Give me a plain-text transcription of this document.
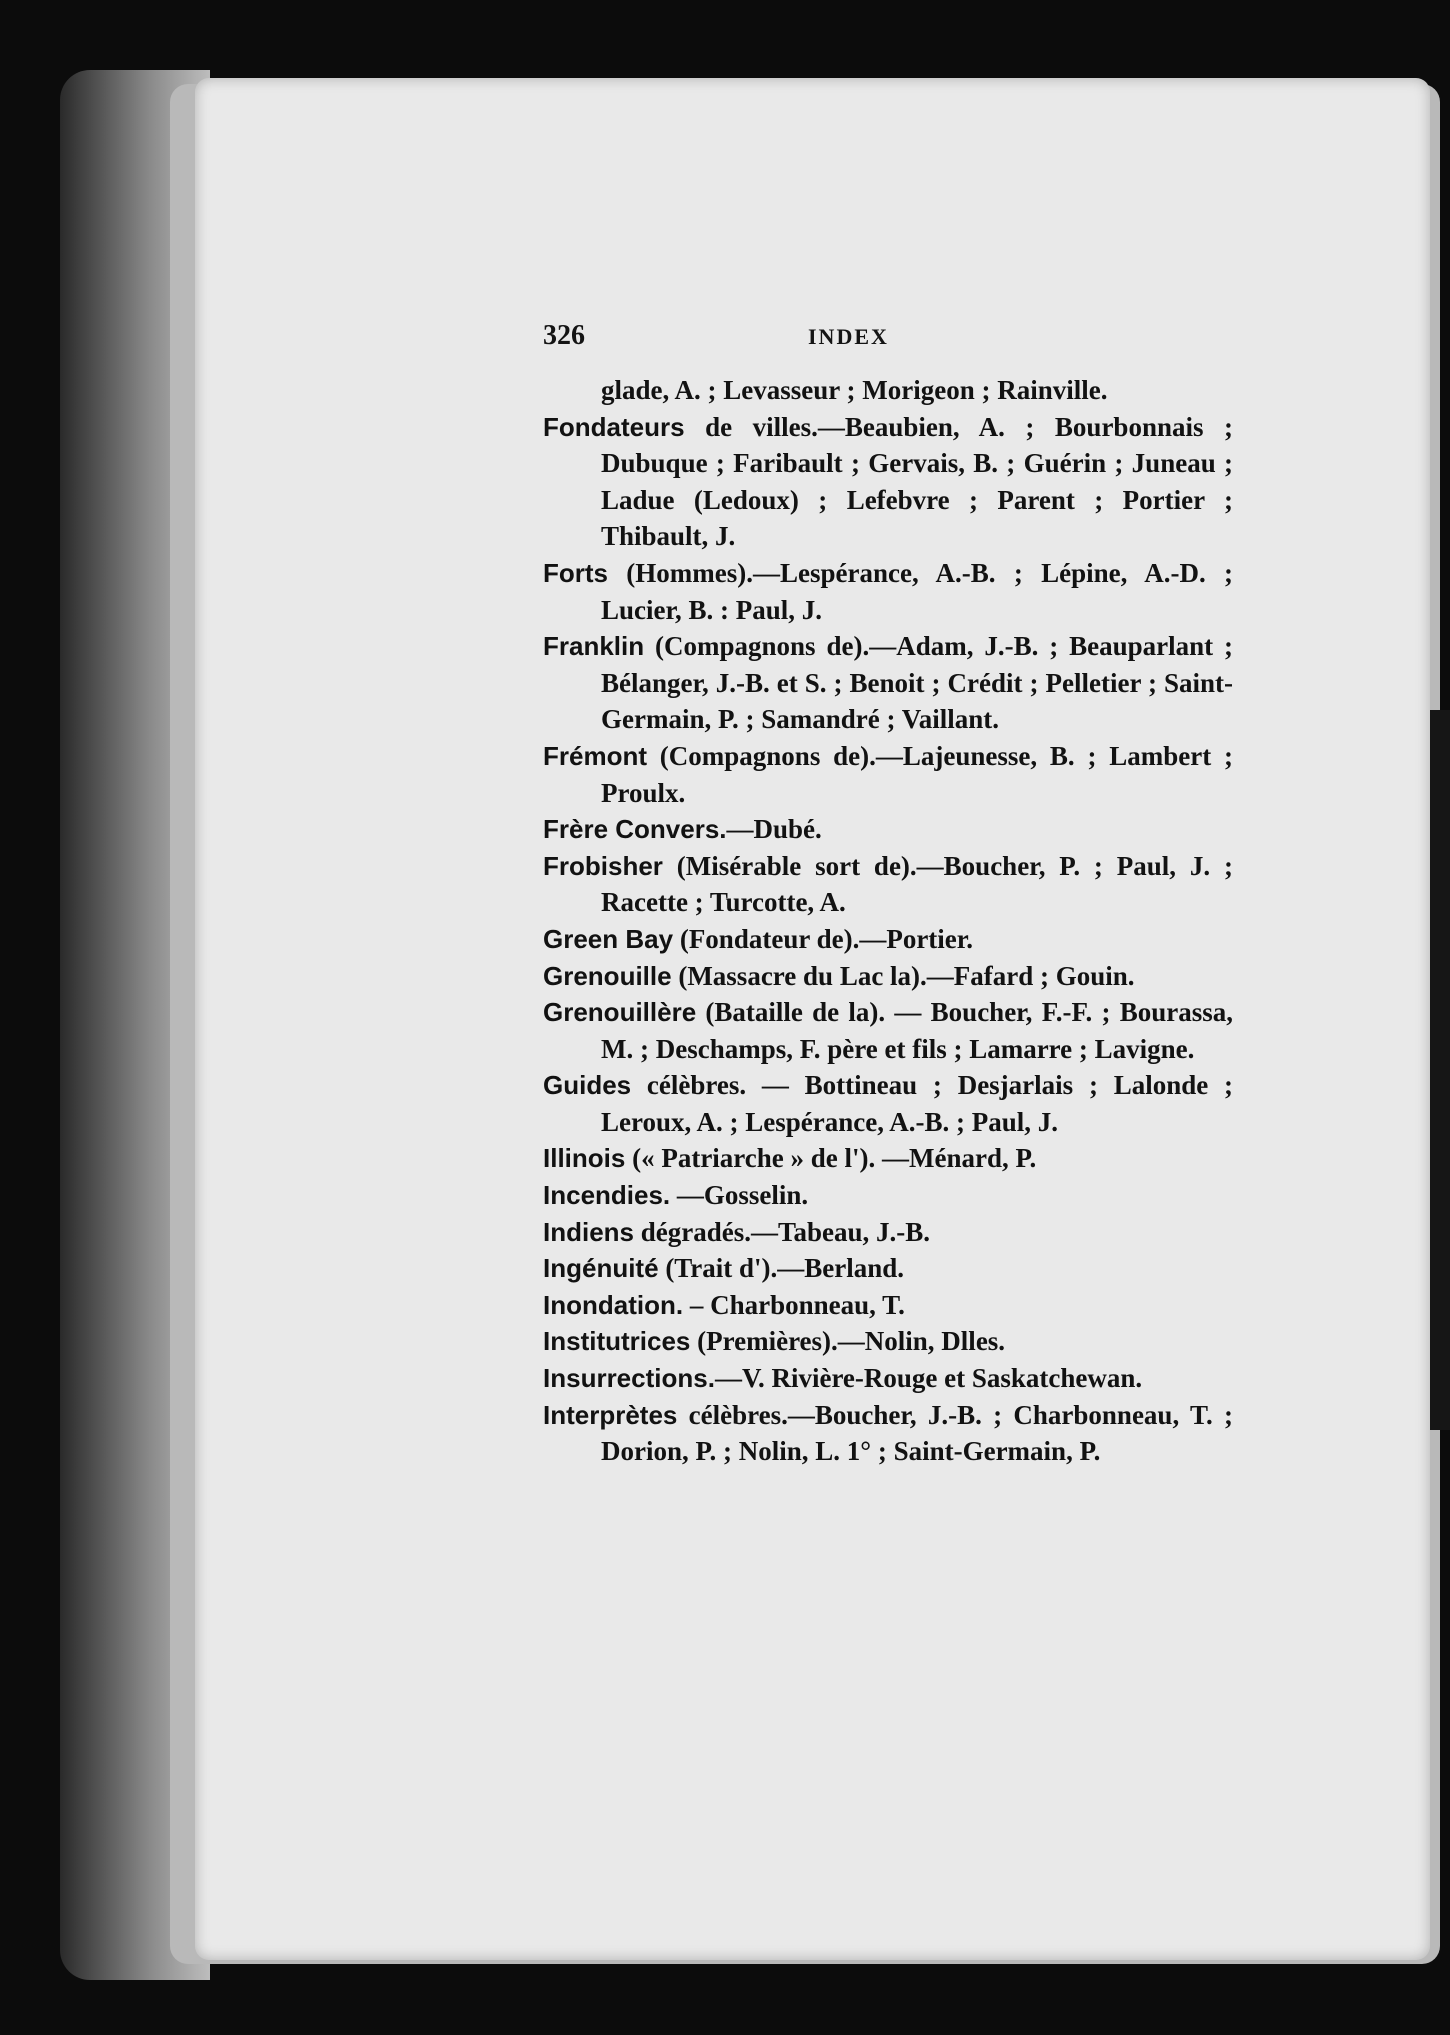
326	INDEX
glade, A. ; Levasseur ; Morigeon ; Rainville.
Fondateurs de villes.—Beaubien, A. ; Bourbonnais ; Dubuque ; Faribault ; Gervais, B. ; Guérin ; Juneau ; Ladue (Ledoux) ; Lefebvre ; Parent ; Portier ; Thibault, J.
Forts (Hommes).—Lespérance, A.-B. ; Lépine, A.-D. ; Lucier, B. : Paul, J.
Franklin (Compagnons de).—Adam, J.-B. ; Beauparlant ; Bélanger, J.-B. et S. ; Benoit ; Crédit ; Pelletier ; Saint-Germain, P. ; Samandré ; Vaillant.
Frémont (Compagnons de).—Lajeunesse, B. ; Lambert ; Proulx.
Frère Convers.—Dubé.
Frobisher (Misérable sort de).—Boucher, P. ; Paul, J. ; Racette ; Turcotte, A.
Green Bay (Fondateur de).—Portier.
Grenouille (Massacre du Lac la).—Fafard ; Gouin.
Grenouillère (Bataille de la). — Boucher, F.-F. ; Bourassa, M. ; Deschamps, F. père et fils ; Lamarre ; Lavigne.
Guides célèbres. — Bottineau ; Desjarlais ; Lalonde ; Leroux, A. ; Lespérance, A.-B. ; Paul, J.
Illinois (« Patriarche » de l'). —Ménard, P.
Incendies. —Gosselin.
Indiens dégradés.—Tabeau, J.-B.
Ingénuité (Trait d').—Berland.
Inondation. – Charbonneau, T.
Institutrices (Premières).—Nolin, Dlles.
Insurrections.—V. Rivière-Rouge et Saskatchewan.
Interprètes célèbres.—Boucher, J.-B. ; Charbonneau, T. ; Dorion, P. ; Nolin, L. 1° ; Saint-Germain, P.
